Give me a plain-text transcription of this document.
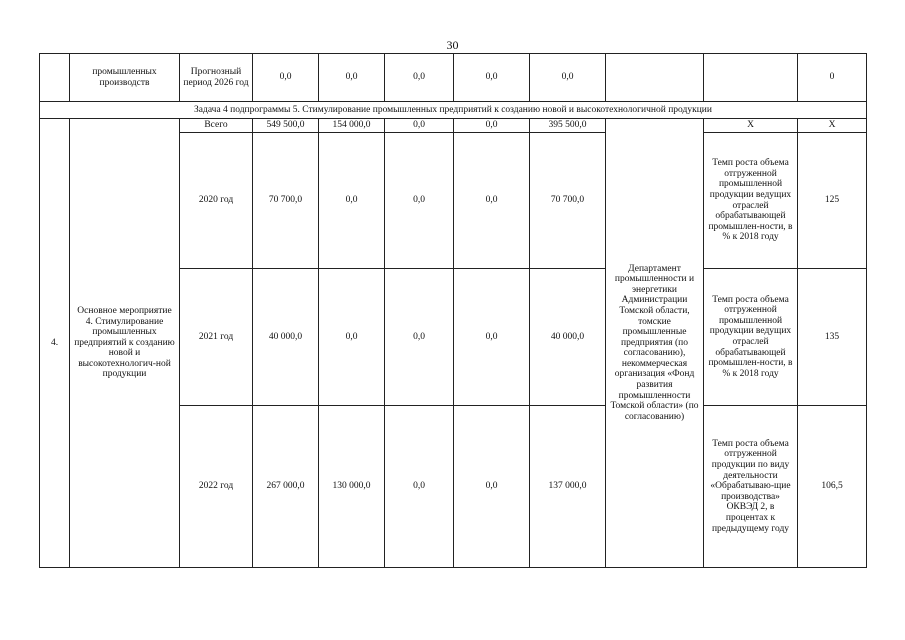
30
	промышленных производств	Прогнозный период 2026 год	0,0	0,0	0,0	0,0	0,0			0
Задача 4 подпрограммы 5. Стимулирование промышленных предприятий к созданию новой и высокотехнологичной продукции										
4.	Основное мероприятие 4. Стимулирование промышленных предприятий к созданию новой и высокотехнологич-ной продукции	Всего	549 500,0	154 000,0	0,0	0,0	395 500,0	Департамент промышленности и энергетики Администрации Томской области, томские промышленные предприятия (по согласованию), некоммерческая организация «Фонд развития промышленности Томской области» (по согласованию)	X	X
		2020 год	70 700,0	0,0	0,0	0,0	70 700,0		Темп роста объема отгруженной промышленной продукции ведущих отраслей обрабатывающей промышлен-ности, в % к 2018 году	125
		2021 год	40 000,0	0,0	0,0	0,0	40 000,0		Темп роста объема отгруженной промышленной продукции ведущих отраслей обрабатывающей промышлен-ности, в % к 2018 году	135
		2022 год	267 000,0	130 000,0	0,0	0,0	137 000,0		Темп роста объема отгруженной продукции по виду деятельности «Обрабатываю-щие производства» ОКВЭД 2, в процентах к предыдущему году	106,5
